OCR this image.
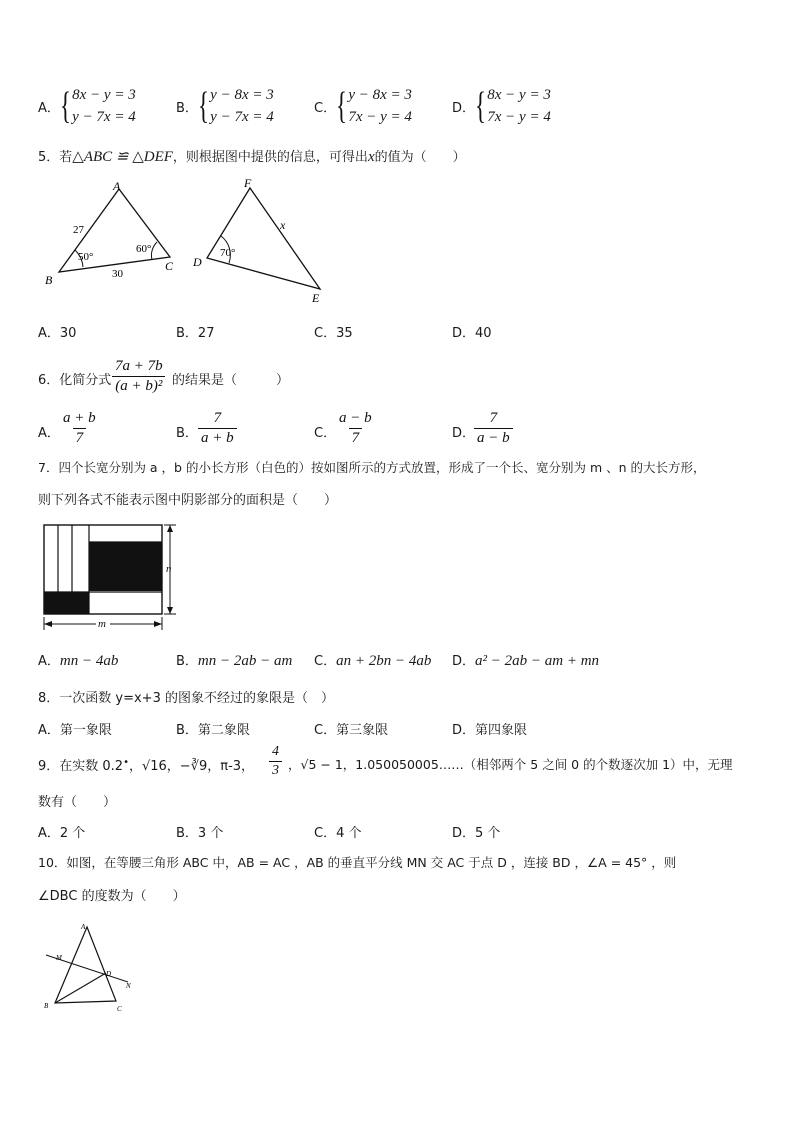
A． { 8x − y = 3
y − 7x = 4
B． { y − 8x = 3
y − 7x = 4
C． { y − 8x = 3
7x − y = 4
D． { 8x − y = 3
7x − y = 4
5．若△ABC ≌ △DEF，则根据图中提供的信息，可得出x的值为（　　）
A
B
C
27
30
50°
60°
F
D
E
x
70°
A．30	B．27	C．35	D．40
6．化简分式 $\frac{7a + 7b}{\text{(a + b)²}}$ 的结果是（　　　）
A． $\frac{a + b}{7}$	B． $\frac{7}{a + b}$	C． $\frac{a - b}{7}$	D．
$\frac{7}{a - b}$
7．四个长宽分别为 a ，b 的小长方形（白色的）按如图所示的方式放置，形成了一个长、宽分别为 m 、n 的大长方形，
则下列各式不能表示图中阴影部分的面积是（　　）
n
m
A．mn − 4ab	B．mn − 2ab − am C．an + 2bn − 4ab D．a² − 2ab − am + mn
8．一次函数 y=x+3 的图象不经过的象限是（　）
A．第一象限	B．第二象限	C．第三象限	D．第四象限
9．在实数 0.2•，√16，−∛9，π-3， $\frac{4}{3}$ ，√5 − 1，1.050050005……（相邻两个 5 之间 0 的个数逐次加 1）中，无理
数有（　　）
A．2 个	B．3 个	C．4 个	D．5 个
10．如图，在等腰三角形 ABC 中，AB = AC ，AB 的垂直平分线 MN 交 AC 于点 D ，连接 BD ，∠A = 45° ，则
∠DBC 的度数为（　　）
A
B	C
D
M
N
